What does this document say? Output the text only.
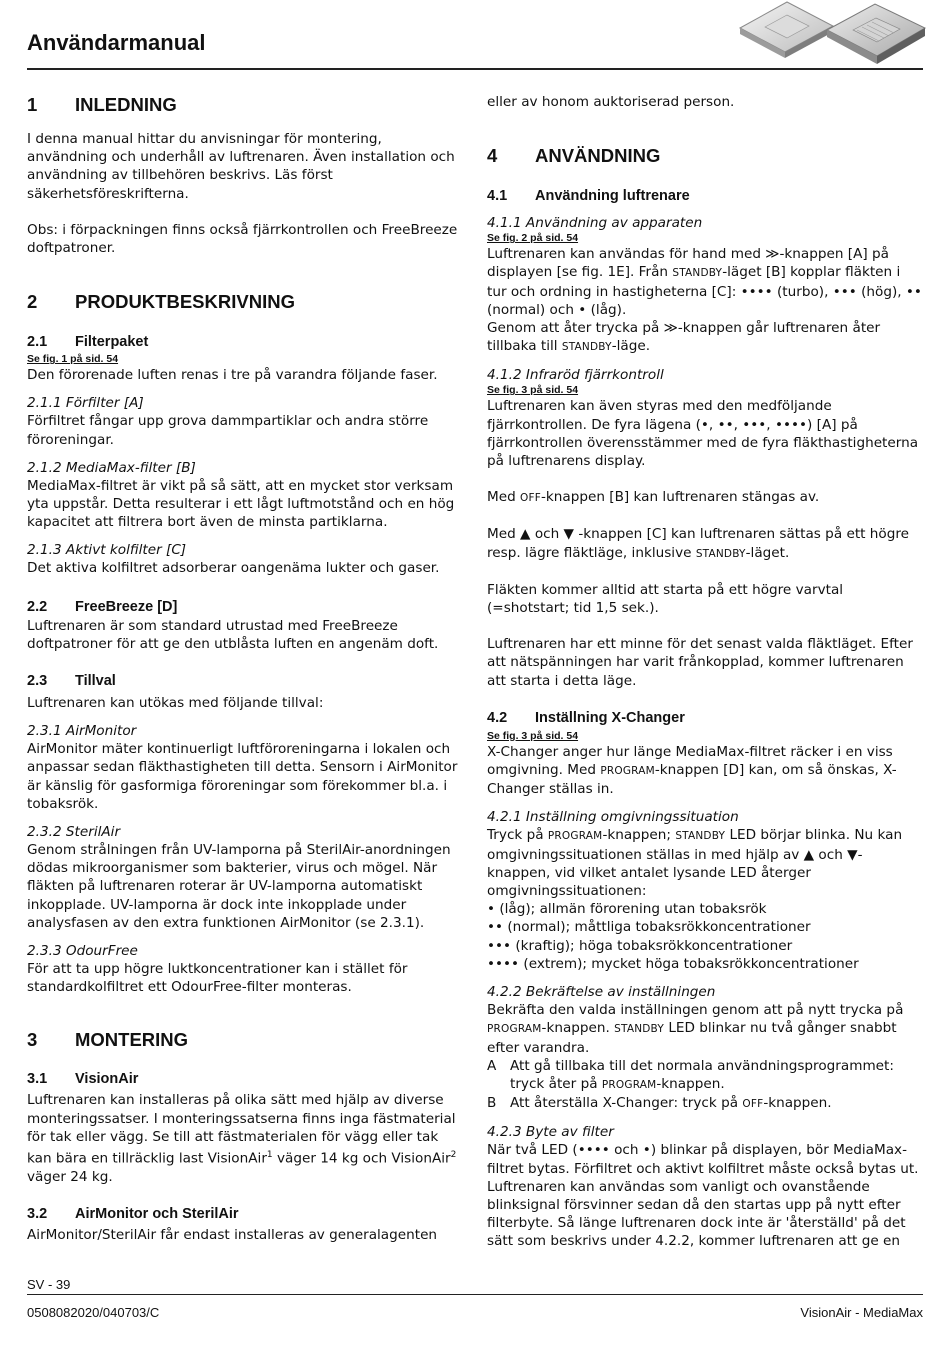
Användarmanual
1 INLEDNING

I denna manual hittar du anvisningar för montering, användning och underhåll av luftrenaren. Även installation och användning av tillbehören beskrivs. Läs först säkerhetsföreskrifterna.

Obs: i förpackningen finns också fjärrkontrollen och FreeBreeze doftpatroner.

2 PRODUKTBESKRIVNING
2.1 Filterpaket

Se fig. 1 på sid. 54

Den förorenade luften renas i tre på varandra följande faser.

2.1.1 Förfilter [A]

Förfiltret fångar upp grova dammpartiklar och andra större föroreningar.

2.1.2 MediaMax-filter [B]

MediaMax-filtret är vikt på så sätt, att en mycket stor verksam yta uppstår. Detta resulterar i ett lågt luftmotstånd och en hög kapacitet att filtrera bort även de minsta partiklarna.

2.1.3 Aktivt kolfilter [C]

Det aktiva kolfiltret adsorberar oangenäma lukter och gaser.

2.2 FreeBreeze [D]

Luftrenaren är som standard utrustad med FreeBreeze doftpatroner för att ge den utblåsta luften en angenäm doft.

2.3 Tillval

Luftrenaren kan utökas med följande tillval:

2.3.1 AirMonitor

AirMonitor mäter kontinuerligt luftföroreningarna i lokalen och anpassar sedan fläkthastigheten till detta. Sensorn i AirMonitor är känslig för gasformiga föroreningar som förekommer bl.a. i tobaksrök.

2.3.2 SterilAir

Genom strålningen från UV-lamporna på SterilAir-anordningen dödas mikroorganismer som bakterier, virus och mögel. När fläkten på luftrenaren roterar är UV-lamporna automatiskt inkopplade. UV-lamporna är dock inte inkopplade under analysfasen av den extra funktionen AirMonitor (se 2.3.1).

2.3.3 OdourFree

För att ta upp högre luktkoncentrationer kan i stället för standardkolfiltret ett OdourFree-filter monteras.

3 MONTERING
3.1 VisionAir

Luftrenaren kan installeras på olika sätt med hjälp av diverse monteringssatser. I monteringssatserna finns inga fästmaterial för tak eller vägg. Se till att fästmaterialen för vägg eller tak kan bära en tillräcklig last VisionAir$^1$ väger 14 kg och VisionAir$^2$ väger 24 kg.

3.2 AirMonitor och SterilAir

AirMonitor/SterilAir får endast installeras av generalagenten

eller av honom auktoriserad person.

4 ANVÄNDNING
4.1 Användning luftrenare

4.1.1 Användning av apparaten

Se fig. 2 på sid. 54

Luftrenaren kan användas för hand med ≫-knappen [A] på displayen [se fig. 1E]. Från STANDBY-läget [B] kopplar fläkten i tur och ordning in hastigheterna [C]: •••• (turbo), ••• (hög), •• (normal) och • (låg).

Genom att åter trycka på ≫-knappen går luftrenaren åter tillbaka till STANDBY-läge.

4.1.2 Infraröd fjärrkontroll

Se fig. 3 på sid. 54

Luftrenaren kan även styras med den medföljande fjärrkontrollen. De fyra lägena (•, ••, •••, ••••) [A] på fjärrkontrollen överensstämmer med de fyra fläkthastigheterna på luftrenarens display.

Med OFF-knappen [B] kan luftrenaren stängas av.

Med ▲ och ▼ -knappen [C] kan luftrenaren sättas på ett högre resp. lägre fläktläge, inklusive STANDBY-läget.

Fläkten kommer alltid att starta på ett högre varvtal (=shotstart; tid 1,5 sek.).

Luftrenaren har ett minne för det senast valda fläktläget. Efter att nätspänningen har varit frånkopplad, kommer luftrenaren att starta i detta läge.

4.2 Inställning X-Changer

Se fig. 3 på sid. 54

X-Changer anger hur länge MediaMax-filtret räcker i en viss omgivning. Med PROGRAM-knappen [D] kan, om så önskas, X-Changer ställas in.

4.2.1 Inställning omgivningssituation

Tryck på PROGRAM-knappen; STANDBY LED börjar blinka. Nu kan omgivningssituationen ställas in med hjälp av ▲ och ▼-knappen, vid vilket antalet lysande LED återger omgivningssituationen:

• (låg); allmän förorening utan tobaksrök

•• (normal); måttliga tobaksrökkoncentrationer

••• (kraftig); höga tobaksrökkoncentrationer

•••• (extrem); mycket höga tobaksrökkoncentrationer

4.2.2 Bekräftelse av inställningen

Bekräfta den valda inställningen genom att på nytt trycka på PROGRAM-knappen. STANDBY LED blinkar nu två gånger snabbt efter varandra.

A	Att gå tillbaka till det normala användningsprogrammet: tryck åter på PROGRAM-knappen.

B	Att återställa X-Changer: tryck på OFF-knappen.

4.2.3 Byte av filter

När två LED (•••• och •) blinkar på displayen, bör MediaMax-filtret bytas. Förfiltret och aktivt kolfiltret måste också bytas ut. Luftrenaren kan användas som vanligt och ovanstående blinksignal försvinner sedan då den startas upp på nytt efter filterbyte. Så länge luftrenaren dock inte är 'återställd' på det sätt som beskrivs under 4.2.2, kommer luftrenaren att ge en

SV - 39
0508082020/040703/C	VisionAir - MediaMax
